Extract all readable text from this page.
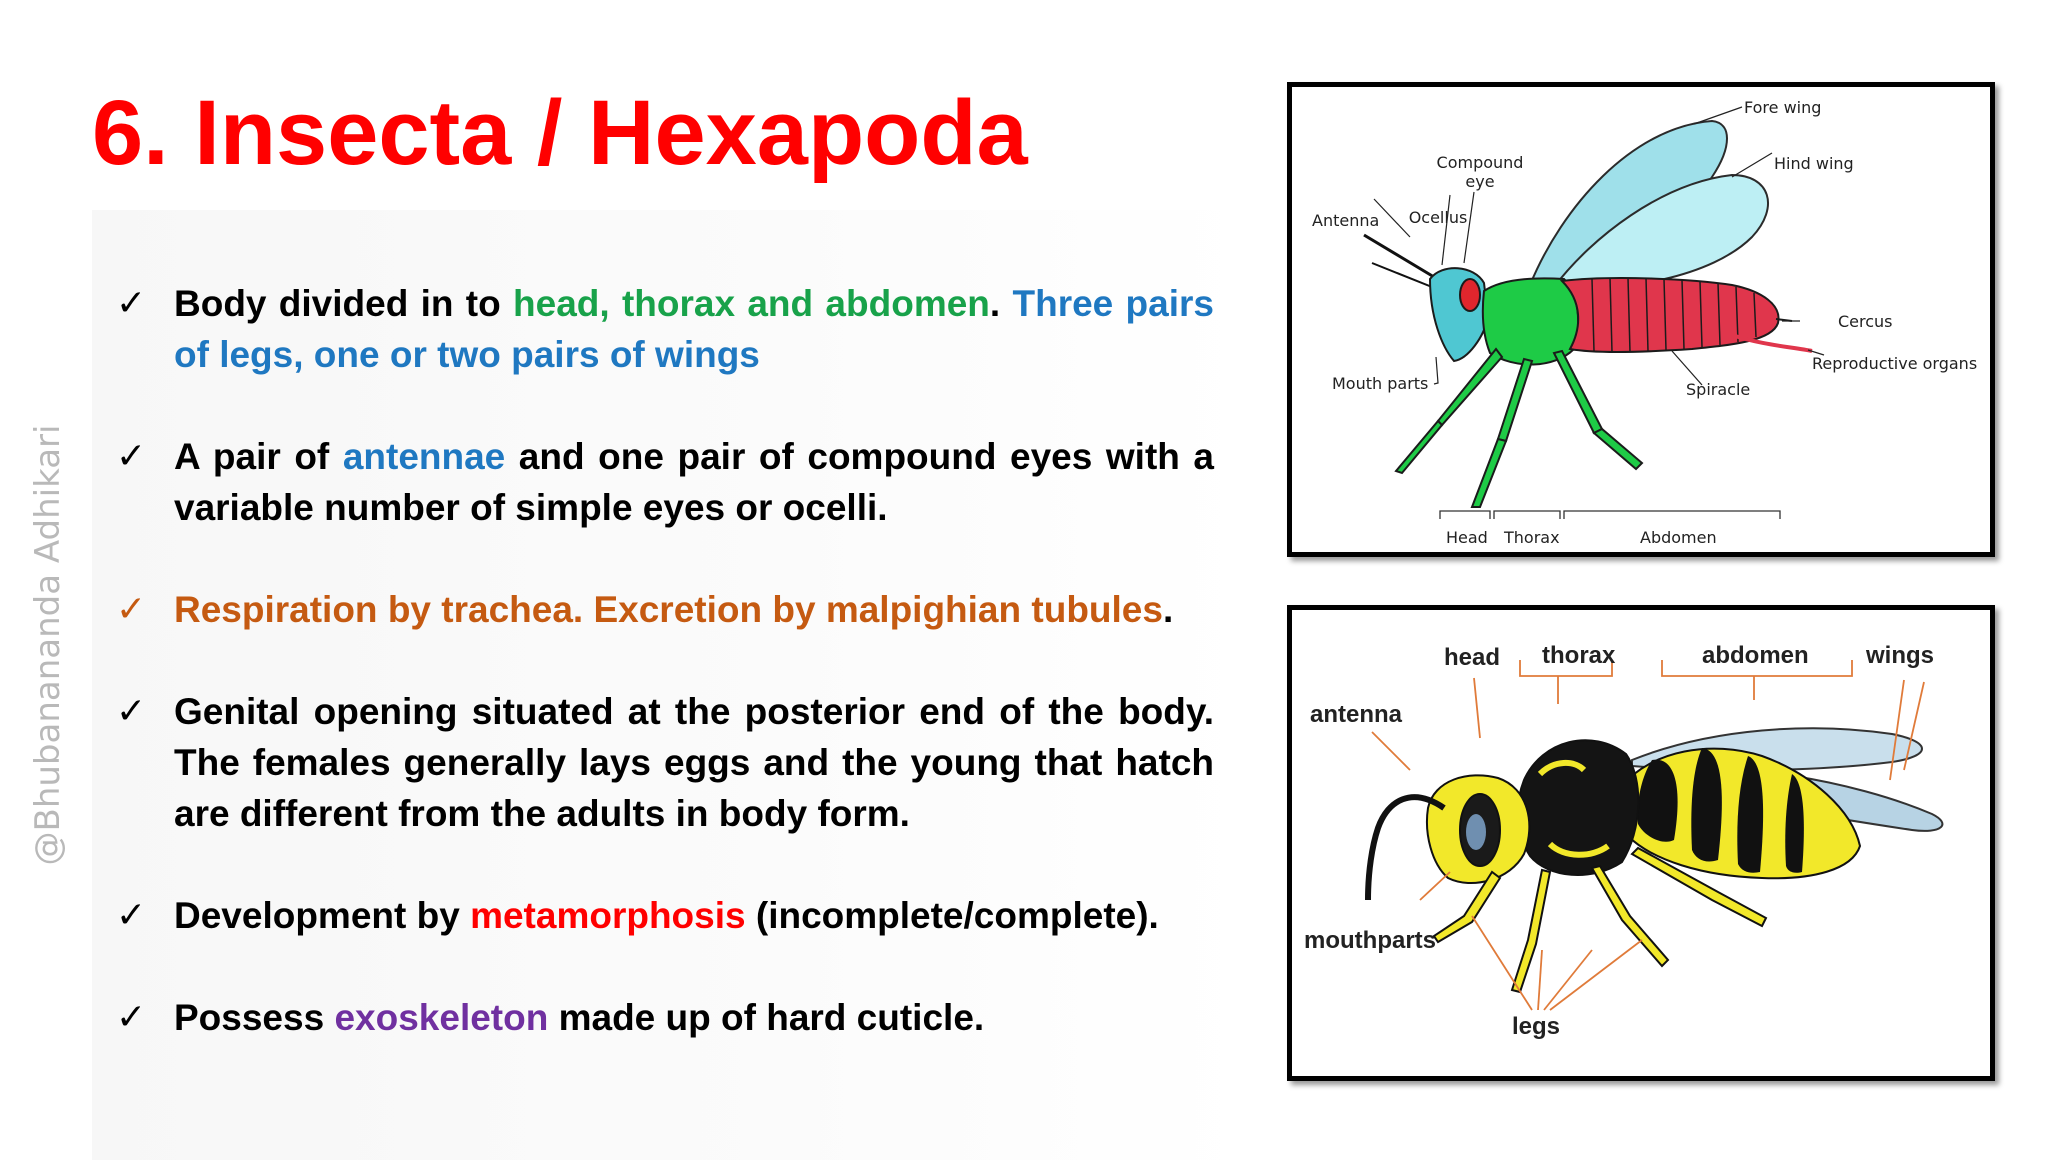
6. Insecta / Hexapoda
@Bhubanananda Adhikari
✓ Body divided in to head, thorax and abdomen. Three pairs of legs, one or two pairs of wings
✓ A pair of antennae and one pair of compound eyes with a variable number of simple eyes or ocelli.
✓ Respiration by trachea. Excretion by malpighian tubules.
✓ Genital opening situated at the posterior end of the body. The females generally lays eggs and the young that hatch are different from the adults in body form.
✓ Development by metamorphosis (incomplete/complete).
✓ Possess exoskeleton made up of hard cuticle.
Fore wing
Hind wing
Compound
eye
Ocellus
Antenna
Cercus
Reproductive organs
Mouth parts	Spiracle
Head Thorax	Abdomen
head thorax	abdomen wings
antenna
mouthparts
legs
